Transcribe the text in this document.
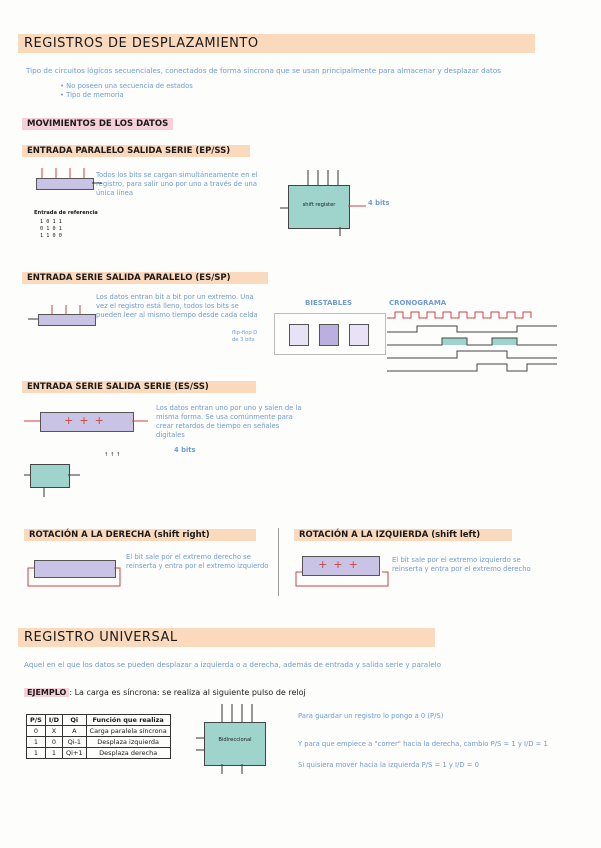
REGISTROS DE DESPLAZAMIENTO
Tipo de circuitos lógicos secuenciales, conectados de forma síncrona que se usan principalmente para almacenar y desplazar datos
• No poseen una secuencia de estados
• Tipo de memoria
MOVIMIENTOS DE LOS DATOS
ENTRADA PARALELO SALIDA SERIE (EP/SS)
Entrada de referencia
1 0 1 1
0 1 0 1
1 1 0 0
Todos los bits se cargan simultáneamente en el registro, para salir uno por uno a través de una única línea
shift register	4 bits
ENTRADA SERIE SALIDA PARALELO (ES/SP)
Los datos entran bit a bit por un extremo. Una vez el registro está lleno, todos los bits se pueden leer al mismo tiempo desde cada celda
flip-flop D de 3 bits
BIESTABLES	CRONOGRAMA
ENTRADA SERIE SALIDA SERIE (ES/SS)
+++
Los datos entran uno por uno y salen de la misma forma. Se usa comúnmente para crear retardos de tiempo en señales digitales
↑ ↑ ↑
4 bits
ROTACIÓN A LA DERECHA (shift right)
El bit sale por el extremo derecho se reinserta y entra por el extremo izquierdo
ROTACIÓN A LA IZQUIERDA (shift left)
+++	El bit sale por el extremo izquierdo se reinserta y entra por el extremo derecho
REGISTRO UNIVERSAL
Aquel en el que los datos se pueden desplazar a izquierda o a derecha, además de entrada y salida serie y paralelo
EJEMPLO : La carga es síncrona: se realiza al siguiente pulso de reloj
P/S	I/D	Qi	Función que realiza
0	X	A	Carga paralela síncrona
1	0	Qi-1	Desplaza izquierda
1	1	Qi+1	Desplaza derecha
Bidireccional
Para guardar un registro lo pongo a 0 (P/S)
Y para que empiece a "correr" hacia la derecha, cambio P/S = 1 y I/D = 1
Si quisiera mover hacia la izquierda P/S = 1 y I/D = 0
